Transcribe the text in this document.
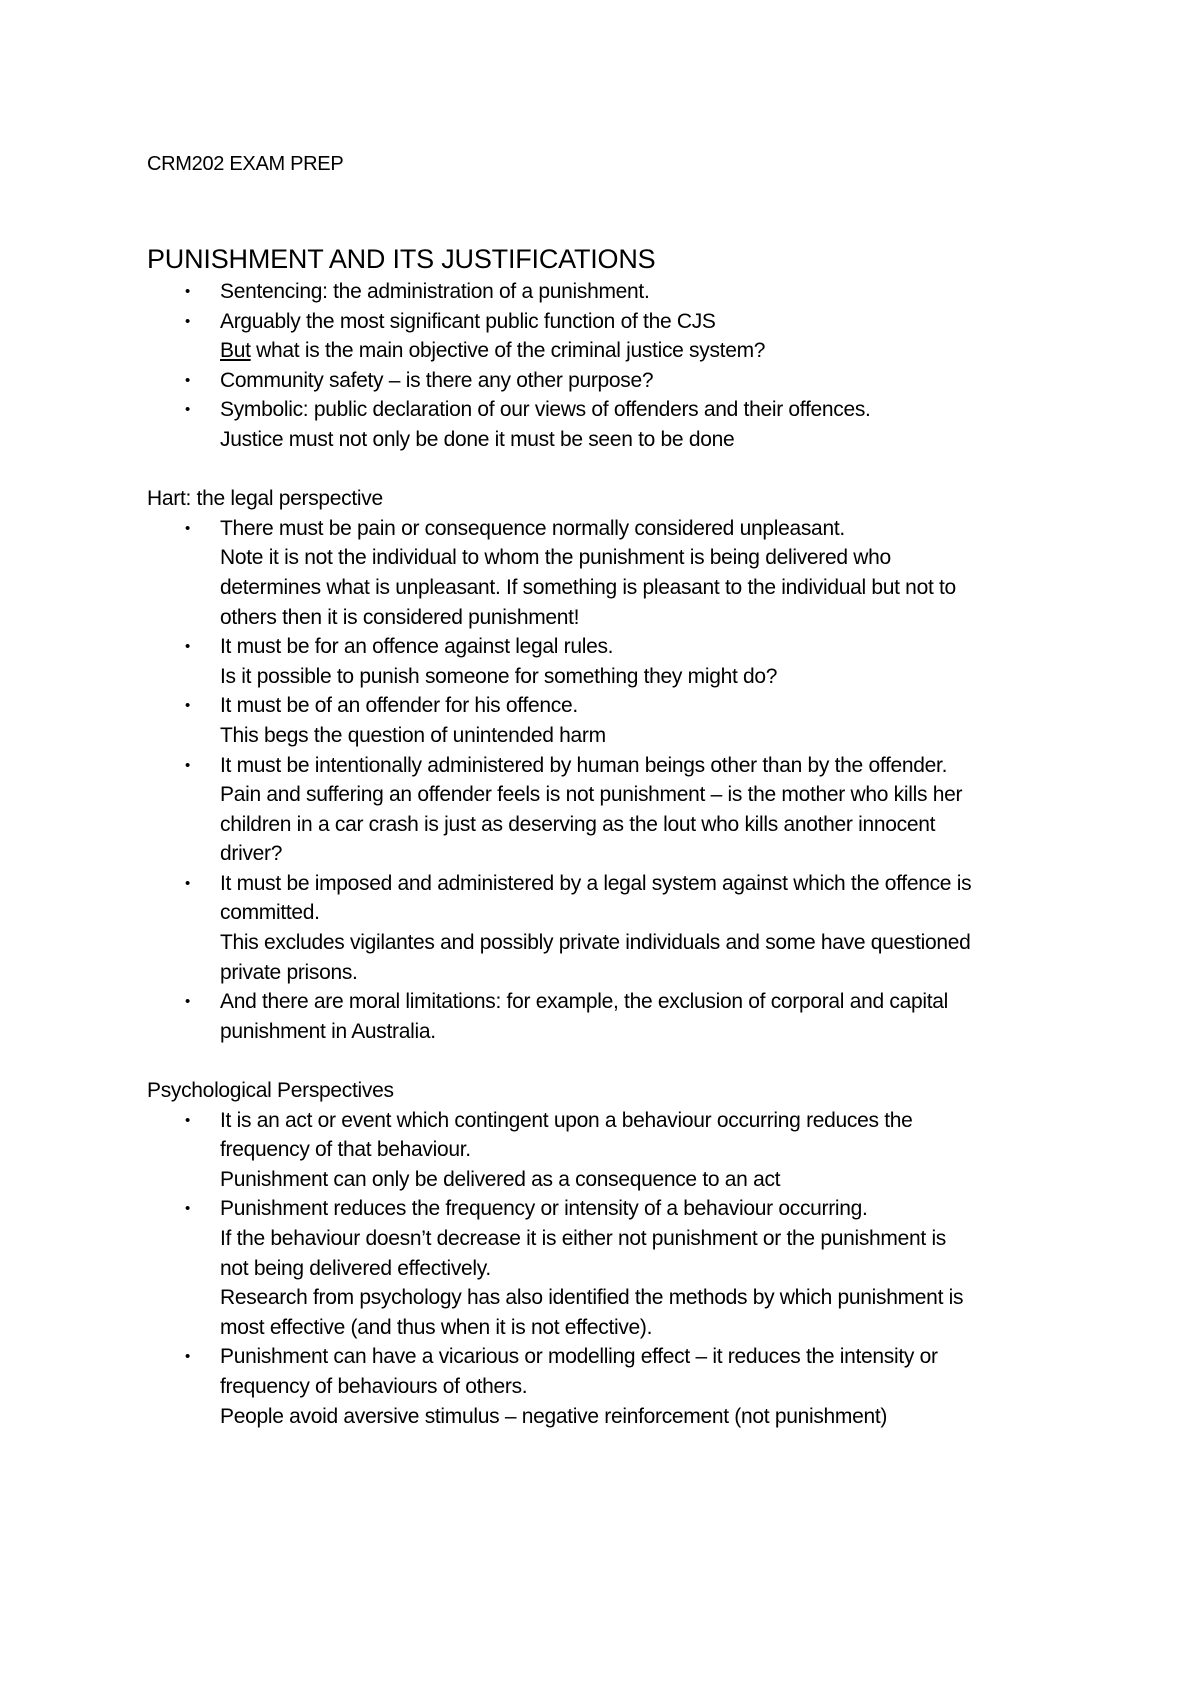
CRM202 EXAM PREP

PUNISHMENT AND ITS JUSTIFICATIONS
• Sentencing: the administration of a punishment.
• Arguably the most significant public function of the CJS
But what is the main objective of the criminal justice system?
• Community safety – is there any other purpose?
• Symbolic: public declaration of our views of offenders and their offences.
Justice must not only be done it must be seen to be done

Hart: the legal perspective

• There must be pain or consequence normally considered unpleasant.
Note it is not the individual to whom the punishment is being delivered who
determines what is unpleasant. If something is pleasant to the individual but not to
others then it is considered punishment!
• It must be for an offence against legal rules.
Is it possible to punish someone for something they might do?
• It must be of an offender for his offence.
This begs the question of unintended harm
• It must be intentionally administered by human beings other than by the offender.
Pain and suffering an offender feels is not punishment – is the mother who kills her
children in a car crash is just as deserving as the lout who kills another innocent
driver?
• It must be imposed and administered by a legal system against which the offence is
committed.
This excludes vigilantes and possibly private individuals and some have questioned
private prisons.
• And there are moral limitations: for example, the exclusion of corporal and capital
punishment in Australia.

Psychological Perspectives

• It is an act or event which contingent upon a behaviour occurring reduces the
frequency of that behaviour.
Punishment can only be delivered as a consequence to an act
• Punishment reduces the frequency or intensity of a behaviour occurring.
If the behaviour doesn’t decrease it is either not punishment or the punishment is
not being delivered effectively.
Research from psychology has also identified the methods by which punishment is
most effective (and thus when it is not effective).
• Punishment can have a vicarious or modelling effect – it reduces the intensity or
frequency of behaviours of others.
People avoid aversive stimulus – negative reinforcement (not punishment)
